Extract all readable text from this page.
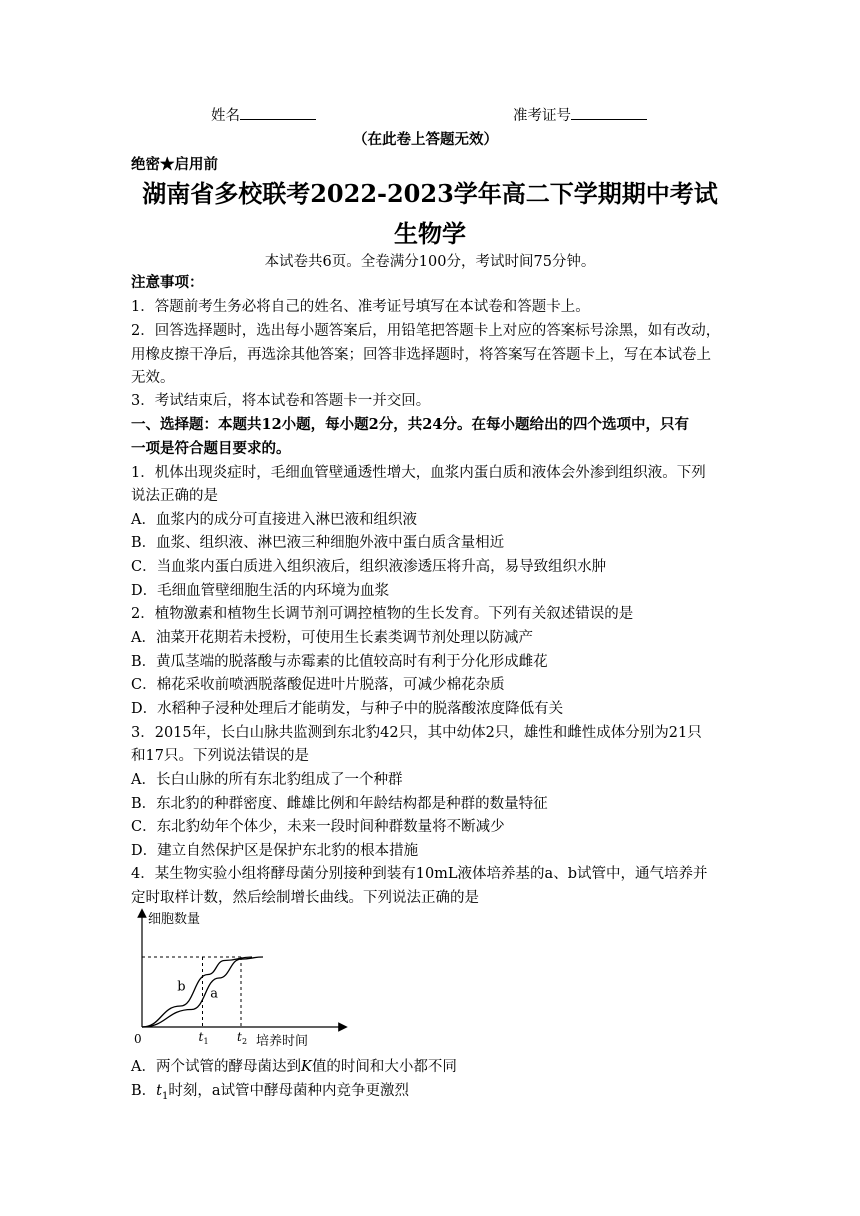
姓名	准考证号
（在此卷上答题无效）
绝密★启用前
湖南省多校联考2022-2023学年高二下学期期中考试
生物学
本试卷共6页。全卷满分100分，考试时间75分钟。
注意事项：
1．答题前考生务必将自己的姓名、准考证号填写在本试卷和答题卡上。
2．回答选择题时，选出每小题答案后，用铅笔把答题卡上对应的答案标号涂黑，如有改动，
用橡皮擦干净后，再选涂其他答案；回答非选择题时，将答案写在答题卡上，写在本试卷上
无效。
3．考试结束后，将本试卷和答题卡一并交回。
一、选择题：本题共12小题，每小题2分，共24分。在每小题给出的四个选项中，只有
一项是符合题目要求的。
1．机体出现炎症时，毛细血管壁通透性增大，血浆内蛋白质和液体会外渗到组织液。下列
说法正确的是
A．血浆内的成分可直接进入淋巴液和组织液
B．血浆、组织液、淋巴液三种细胞外液中蛋白质含量相近
C．当血浆内蛋白质进入组织液后，组织液渗透压将升高，易导致组织水肿
D．毛细血管壁细胞生活的内环境为血浆
2．植物激素和植物生长调节剂可调控植物的生长发育。下列有关叙述错误的是
A．油菜开花期若未授粉，可使用生长素类调节剂处理以防减产
B．黄瓜茎端的脱落酸与赤霉素的比值较高时有利于分化形成雌花
C．棉花采收前喷洒脱落酸促进叶片脱落，可减少棉花杂质
D．水稻种子浸种处理后才能萌发，与种子中的脱落酸浓度降低有关
3．2015年，长白山脉共监测到东北豹42只，其中幼体2只，雄性和雌性成体分别为21只
和17只。下列说法错误的是
A．长白山脉的所有东北豹组成了一个种群
B．东北豹的种群密度、雌雄比例和年龄结构都是种群的数量特征
C．东北豹幼年个体少，未来一段时间种群数量将不断减少
D．建立自然保护区是保护东北豹的根本措施
4．某生物实验小组将酵母菌分别接种到装有10mL液体培养基的a、b试管中，通气培养并
定时取样计数，然后绘制增长曲线。下列说法正确的是
细胞数量
0	培养时间
t 1 t 2
b a
A．两个试管的酵母菌达到K值的时间和大小都不同
B．$t_1$时刻，a试管中酵母菌种内竞争更激烈
